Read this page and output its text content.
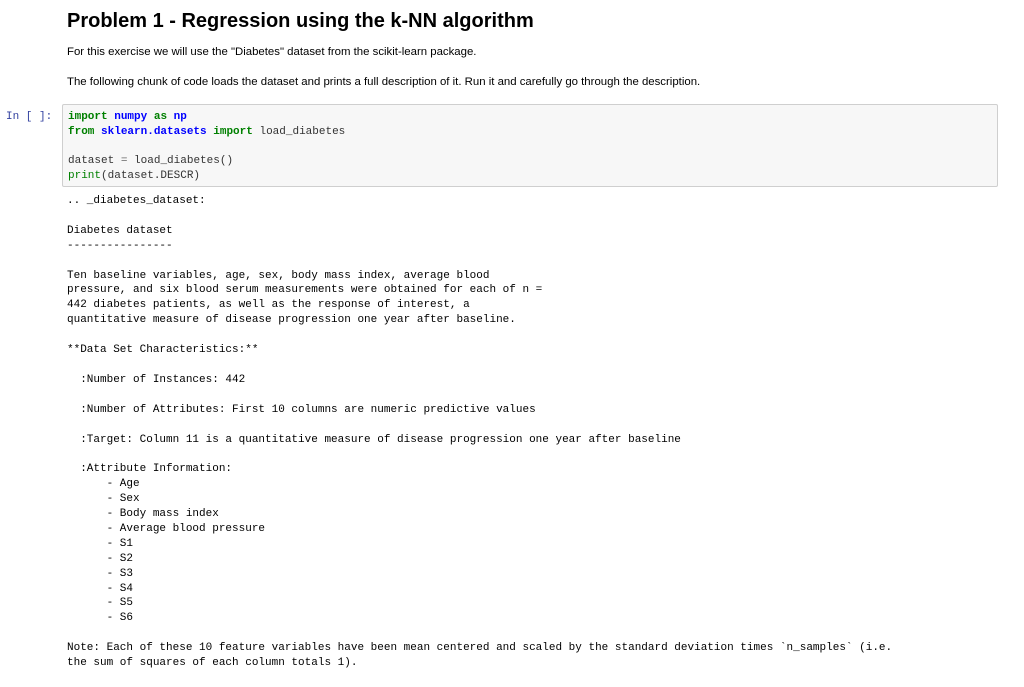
Problem 1 - Regression using the k-NN algorithm

For this exercise we will use the "Diabetes" dataset from the scikit-learn package.

The following chunk of code loads the dataset and prints a full description of it. Run it and carefully go through the description.

In [ ]: import numpy as np
from sklearn.datasets import load_diabetes
dataset = load_diabetes()
print(dataset.DESCR)
.. _diabetes_dataset:

Diabetes dataset
----------------

Ten baseline variables, age, sex, body mass index, average blood
pressure, and six blood serum measurements were obtained for each of n =
442 diabetes patients, as well as the response of interest, a
quantitative measure of disease progression one year after baseline.

**Data Set Characteristics:**

:Number of Instances: 442

:Number of Attributes: First 10 columns are numeric predictive values

:Target: Column 11 is a quantitative measure of disease progression one year after baseline

:Attribute Information:
- Age
- Sex
- Body mass index
- Average blood pressure
- S1
- S2
- S3
- S4
- S5
- S6

Note: Each of these 10 feature variables have been mean centered and scaled by the standard deviation times `n_samples` (i.e.
the sum of squares of each column totals 1).
